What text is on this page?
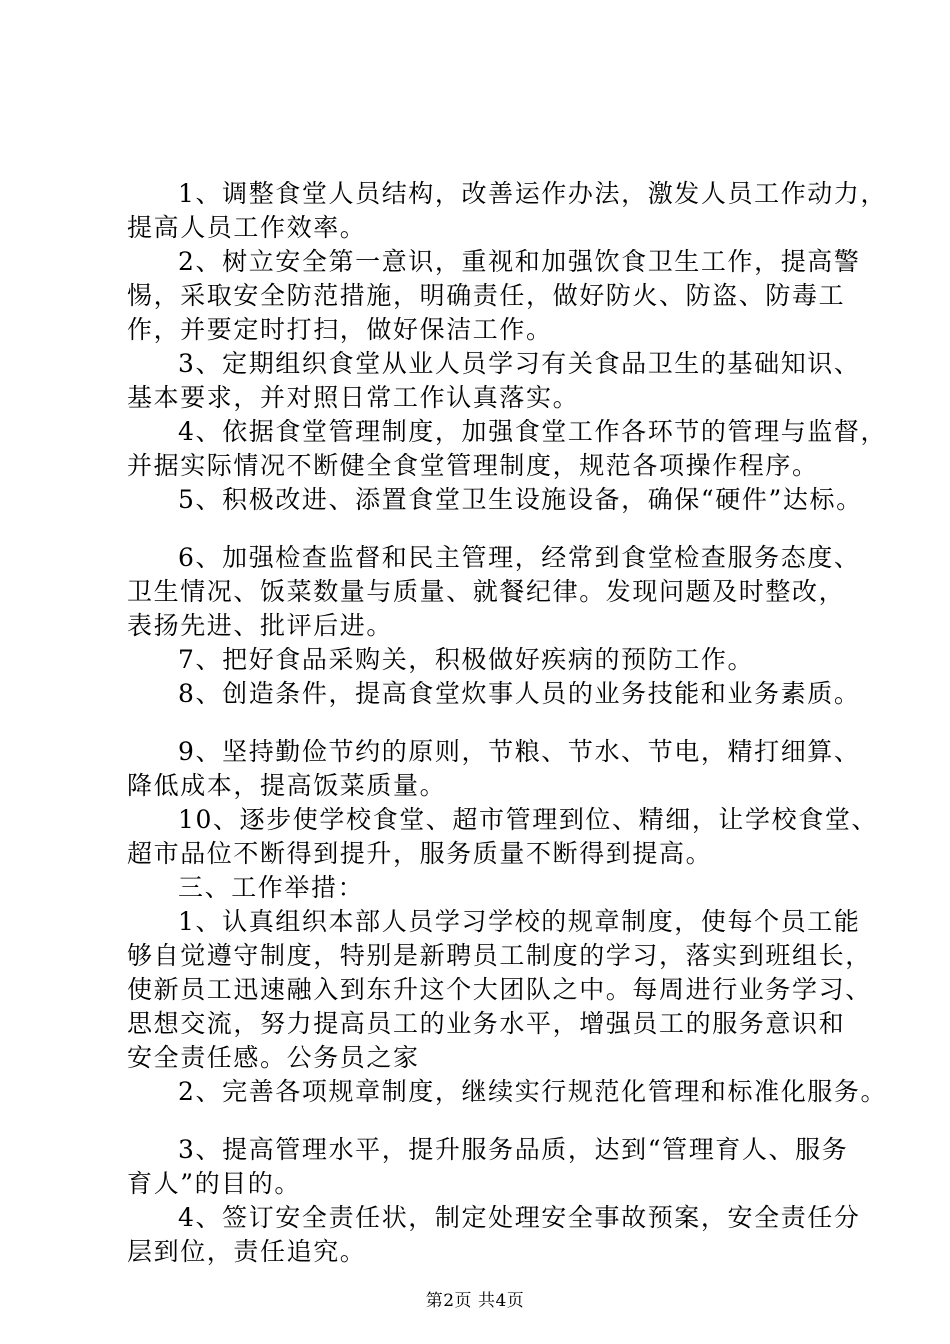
1、调整食堂人员结构，改善运作办法，激发人员工作动力，
提高人员工作效率。
2、树立安全第一意识，重视和加强饮食卫生工作，提高警
惕，采取安全防范措施，明确责任，做好防火、防盗、防毒工
作，并要定时打扫，做好保洁工作。
3、定期组织食堂从业人员学习有关食品卫生的基础知识、
基本要求，并对照日常工作认真落实。
4、依据食堂管理制度，加强食堂工作各环节的管理与监督，
并据实际情况不断健全食堂管理制度，规范各项操作程序。
5、积极改进、添置食堂卫生设施设备，确保“硬件”达标。
6、加强检查监督和民主管理，经常到食堂检查服务态度、
卫生情况、饭菜数量与质量、就餐纪律。发现问题及时整改，
表扬先进、批评后进。
7、把好食品采购关，积极做好疾病的预防工作。
8、创造条件，提高食堂炊事人员的业务技能和业务素质。
9、坚持勤俭节约的原则，节粮、节水、节电，精打细算、
降低成本，提高饭菜质量。
10、逐步使学校食堂、超市管理到位、精细，让学校食堂、
超市品位不断得到提升，服务质量不断得到提高。
三、工作举措：
1、认真组织本部人员学习学校的规章制度，使每个员工能
够自觉遵守制度，特别是新聘员工制度的学习，落实到班组长，
使新员工迅速融入到东升这个大团队之中。每周进行业务学习、
思想交流，努力提高员工的业务水平，增强员工的服务意识和
安全责任感。公务员之家
2、完善各项规章制度，继续实行规范化管理和标准化服务。
3、提高管理水平，提升服务品质，达到“管理育人、服务
育人”的目的。
4、签订安全责任状，制定处理安全事故预案，安全责任分
层到位，责任追究。
第2页 共4页
